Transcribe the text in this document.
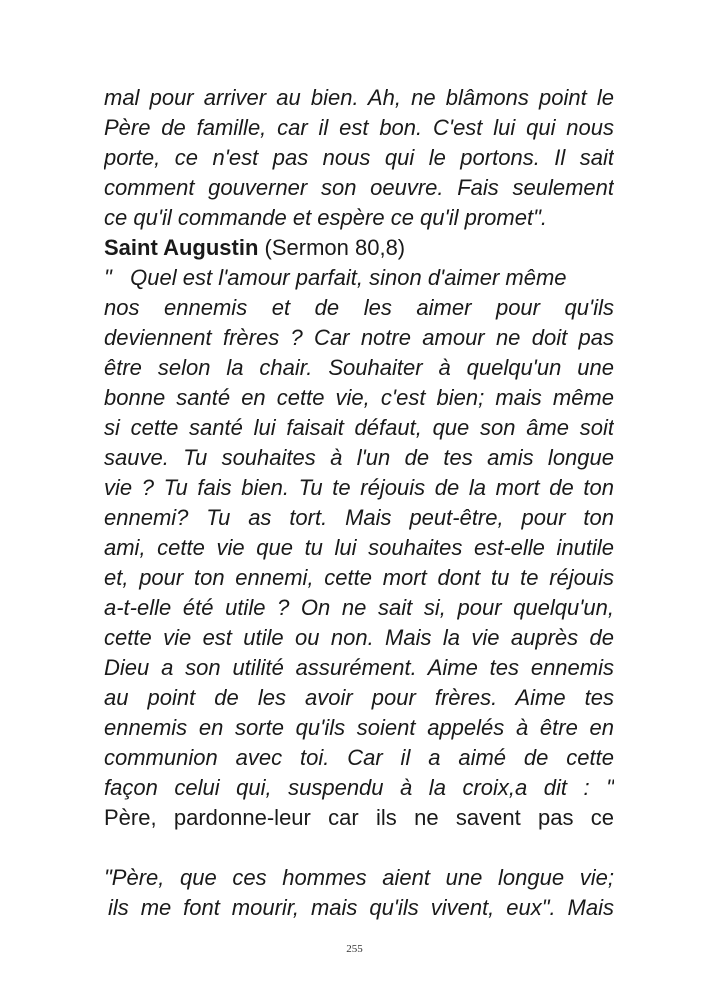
mal pour arriver au bien. Ah, ne blâmons point le
Père de famille, car il est bon. C'est lui qui nous
porte, ce n'est pas nous qui le portons. Il sait
comment gouverner son oeuvre. Fais seulement
ce qu'il commande et espère ce qu'il promet".
Saint Augustin (Sermon 80,8)
"   Quel est l'amour parfait, sinon d'aimer même
nos ennemis et de les aimer pour qu'ils
deviennent frères ? Car notre amour ne doit pas
être selon la chair. Souhaiter à quelqu'un une
bonne santé en cette vie, c'est bien; mais même
si cette santé lui faisait défaut, que son âme soit
sauve. Tu souhaites à l'un de tes amis longue
vie ? Tu fais bien. Tu te réjouis de la mort de ton
ennemi? Tu as tort. Mais peut-être, pour ton
ami, cette vie que tu lui souhaites est-elle inutile
et, pour ton ennemi, cette mort dont tu te réjouis
a-t-elle été utile ? On ne sait si, pour quelqu'un,
cette vie est utile ou non. Mais la vie auprès de
Dieu a son utilité assurément. Aime tes ennemis
au point de les avoir pour frères. Aime tes
ennemis en sorte qu'ils soient appelés à être en
communion avec toi. Car il a aimé de cette
façon celui qui, suspendu à la croix,a dit : "
Père, pardonne-leur car ils ne savent pas ce

"Père, que ces hommes aient une longue vie;
ils me font mourir, mais qu'ils vivent, eux". Mais
255
